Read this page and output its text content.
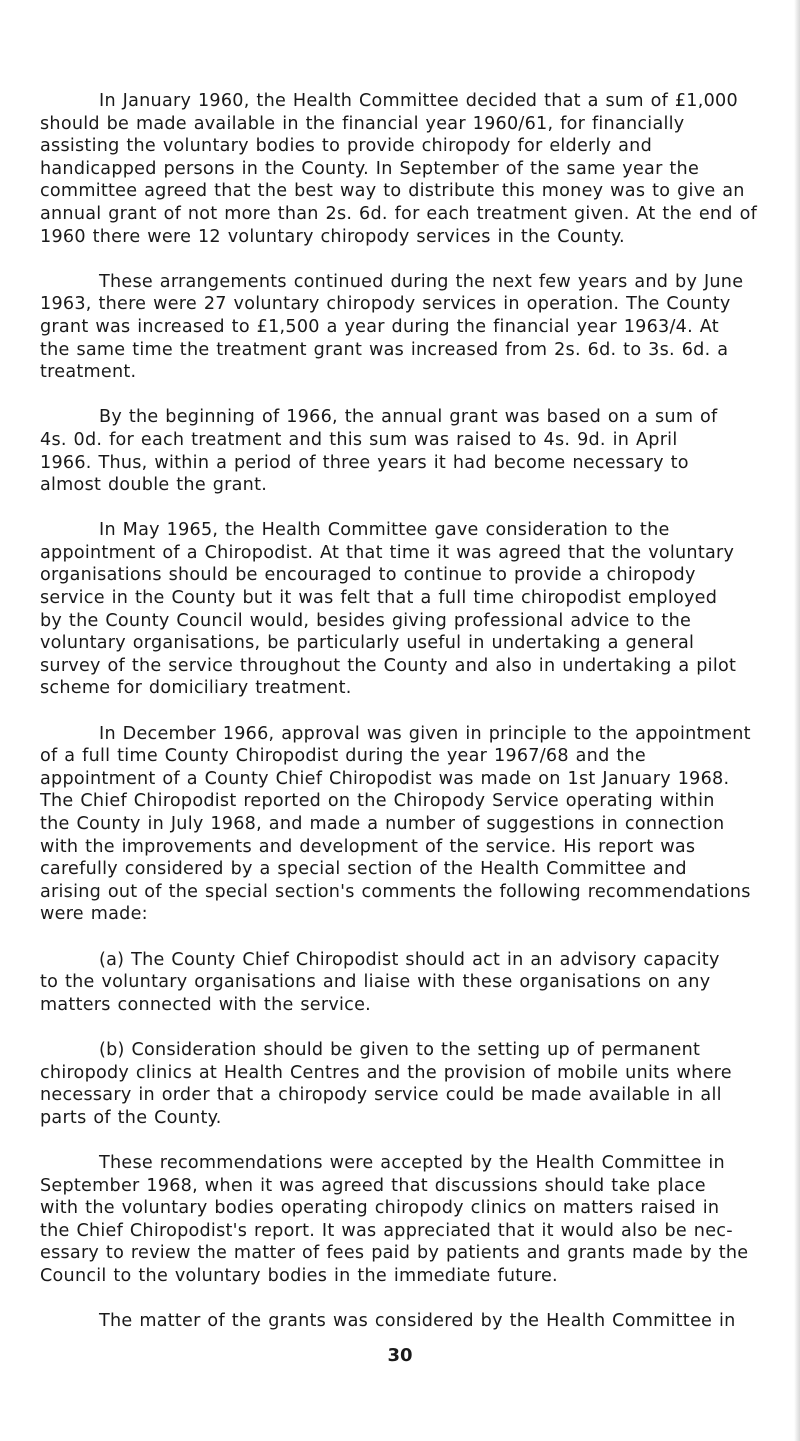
In January 1960, the Health Committee decided that a sum of £1,000
should be made available in the financial year 1960/61, for financially
assisting the voluntary bodies to provide chiropody for elderly and
handicapped persons in the County. In September of the same year the
committee agreed that the best way to distribute this money was to give an
annual grant of not more than 2s. 6d. for each treatment given. At the end of
1960 there were 12 voluntary chiropody services in the County.

These arrangements continued during the next few years and by June
1963, there were 27 voluntary chiropody services in operation. The County
grant was increased to £1,500 a year during the financial year 1963/4. At
the same time the treatment grant was increased from 2s. 6d. to 3s. 6d. a
treatment.

By the beginning of 1966, the annual grant was based on a sum of
4s. 0d. for each treatment and this sum was raised to 4s. 9d. in April
1966. Thus, within a period of three years it had become necessary to
almost double the grant.

In May 1965, the Health Committee gave consideration to the
appointment of a Chiropodist. At that time it was agreed that the voluntary
organisations should be encouraged to continue to provide a chiropody
service in the County but it was felt that a full time chiropodist employed
by the County Council would, besides giving professional advice to the
voluntary organisations, be particularly useful in undertaking a general
survey of the service throughout the County and also in undertaking a pilot
scheme for domiciliary treatment.

In December 1966, approval was given in principle to the appointment
of a full time County Chiropodist during the year 1967/68 and the
appointment of a County Chief Chiropodist was made on 1st January 1968.
The Chief Chiropodist reported on the Chiropody Service operating within
the County in July 1968, and made a number of suggestions in connection
with the improvements and development of the service. His report was
carefully considered by a special section of the Health Committee and
arising out of the special section's comments the following recommendations
were made:

(a) The County Chief Chiropodist should act in an advisory capacity
to the voluntary organisations and liaise with these organisations on any
matters connected with the service.

(b) Consideration should be given to the setting up of permanent
chiropody clinics at Health Centres and the provision of mobile units where
necessary in order that a chiropody service could be made available in all
parts of the County.

These recommendations were accepted by the Health Committee in
September 1968, when it was agreed that discussions should take place
with the voluntary bodies operating chiropody clinics on matters raised in
the Chief Chiropodist's report. It was appreciated that it would also be nec-
essary to review the matter of fees paid by patients and grants made by the
Council to the voluntary bodies in the immediate future.

The matter of the grants was considered by the Health Committee in

30
